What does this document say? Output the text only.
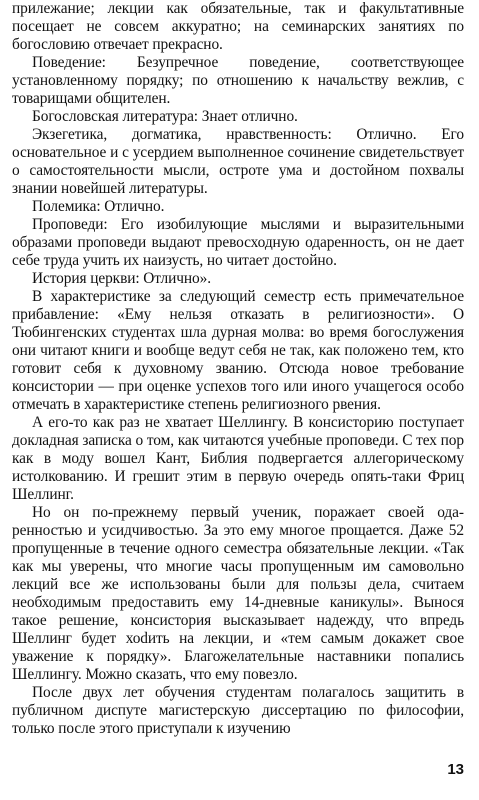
прилежание; лекции как обязательные, так и факультативные посещает не совсем аккуратно; на семинарских занятиях по богословию отвечает прекрасно.

Поведение: Безупречное поведение, соответствующее установленному порядку; по отношению к начальству вежлив, с товарищами общителен.

Богословская литература: Знает отлично.

Экзегетика, догматика, нравственность: Отлично. Его основательное и с усердием выполненное сочинение свидетельствует о самостоятельности мысли, остроте ума и достойном похвалы знании новейшей литературы.

Полемика: Отлично.

Проповеди: Его изобилующие мыслями и выразительными образами проповеди выдают превосходную одаренность, он не дает себе труда учить их наизусть, но читает достойно.

История церкви: Отлично».

В характеристике за следующий семестр есть примечательное прибавление: «Ему нельзя отказать в религиозности». О Тюбингенских студентах шла дурная молва: во время богослужения они читают книги и вообще ведут себя не так, как положено тем, кто готовит себя к духовному званию. Отсюда новое требование консистории — при оценке успехов того или иного учащегося особо отмечать в характеристике степень религиозного рвения.

А его-то как раз не хватает Шеллингу. В консисторию поступает докладная записка о том, как читаются учебные проповеди. С тех пор как в моду вошел Кант, Библия подвергается аллегорическому истолкованию. И грешит этим в первую очередь опять-таки Фриц Шеллинг.

Но он по-прежнему первый ученик, поражает своей одаренностью и усидчивостью. За это ему многое прощается. Даже 52 пропущенные в течение одного семестра обязательные лекции. «Так как мы уверены, что многие часы пропущенным им самовольно лекций все же использованы были для пользы дела, считаем необходимым предоставить ему 14-дневные каникулы». Вынося такое решение, консистория высказывает надежду, что впредь Шеллинг будет хоdить на лекции, и «тем самым докажет свое уважение к порядку». Благожелательные наставники попались Шеллингу. Можно сказать, что ему повезло.

После двух лет обучения студентам полагалось защитить в публичном диспуте магистерскую диссертацию по философии, только после этого приступали к изучению

13
